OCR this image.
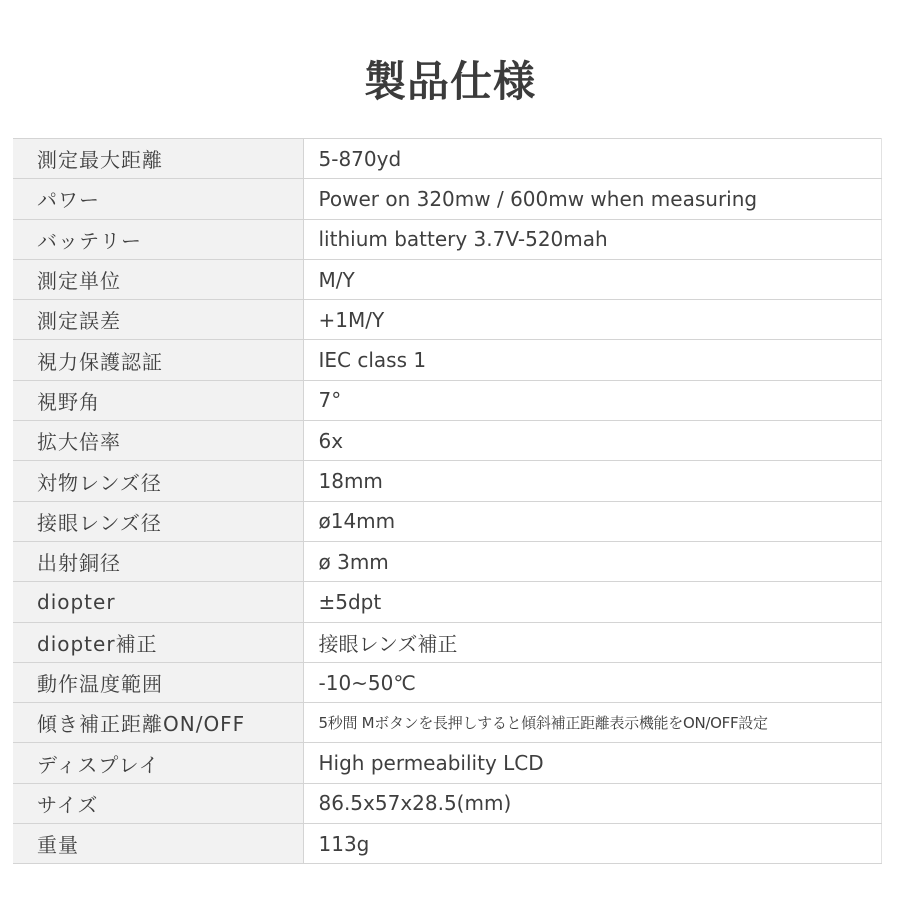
製品仕様
測定最大距離	5-870yd
パワー	Power on 320mw / 600mw when measuring
バッテリー	lithium battery 3.7V-520mah
測定単位	M/Y
測定誤差	+1M/Y
視力保護認証	IEC class 1
視野角	7°
拡大倍率	6x
対物レンズ径	18mm
接眼レンズ径	ø14mm
出射銅径	ø 3mm
diopter	±5dpt
diopter補正	接眼レンズ補正
動作温度範囲	-10~50℃
傾き補正距離ON/OFF	5秒間 Mボタンを長押しすると傾斜補正距離表示機能をON/OFF設定
ディスプレイ	High permeability LCD
サイズ	86.5x57x28.5(mm)
重量	113g
